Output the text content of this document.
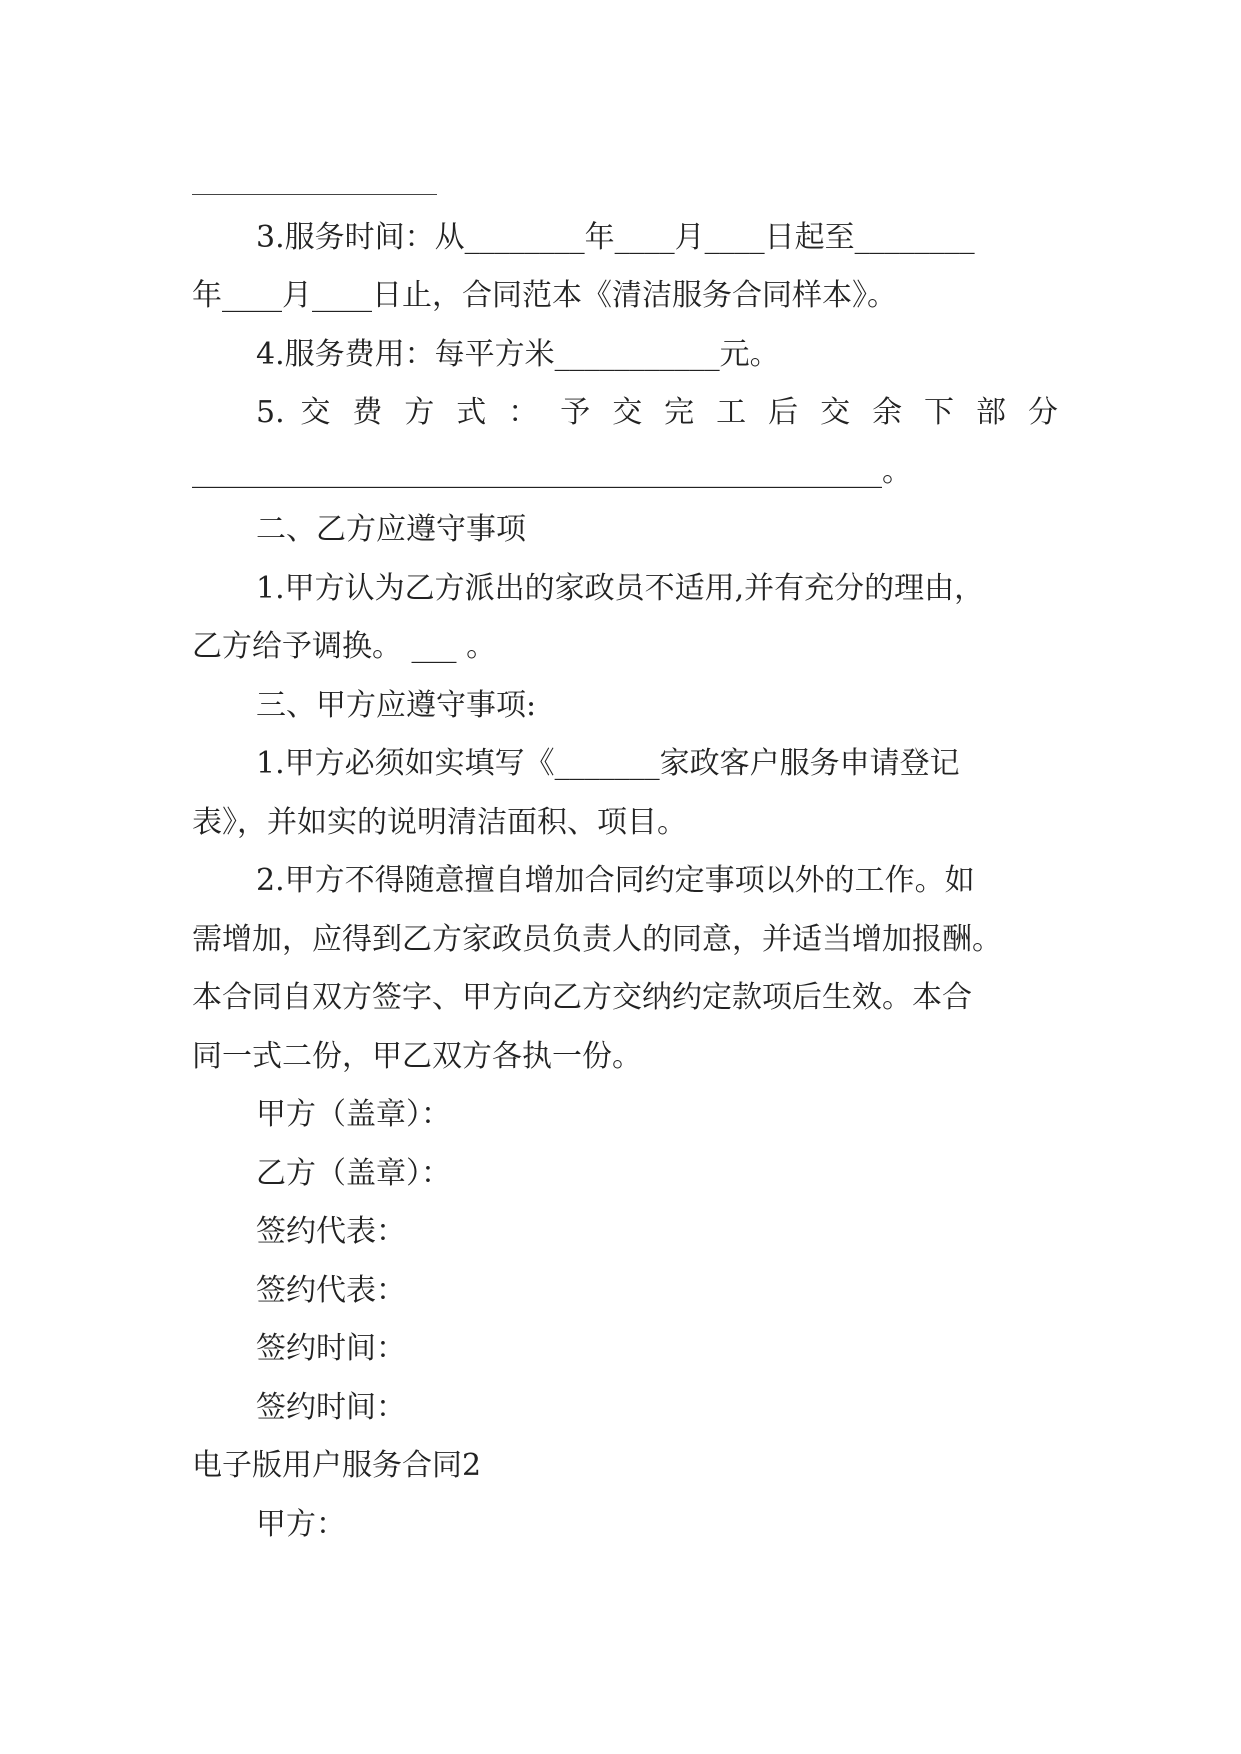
3.服务时间：从________年____月____日起至________
年____月____日止，合同范本《清洁服务合同样本》。
4.服务费用：每平方米___________元。
5. 交 费 方 式 ： 予 交 完 工 后 交 余 下 部 分
______________________________________________。
二、乙方应遵守事项
1.甲方认为乙方派出的家政员不适用,并有充分的理由，
乙方给予调换。 ___ 。
三、甲方应遵守事项:
1.甲方必须如实填写《_______家政客户服务申请登记
表》，并如实的说明清洁面积、项目。
2.甲方不得随意擅自增加合同约定事项以外的工作。如
需增加，应得到乙方家政员负责人的同意，并适当增加报酬。
本合同自双方签字、甲方向乙方交纳约定款项后生效。本合
同一式二份，甲乙双方各执一份。
甲方（盖章）：
乙方（盖章）：
签约代表：
签约代表：
签约时间：
签约时间：
电子版用户服务合同2
甲方：
